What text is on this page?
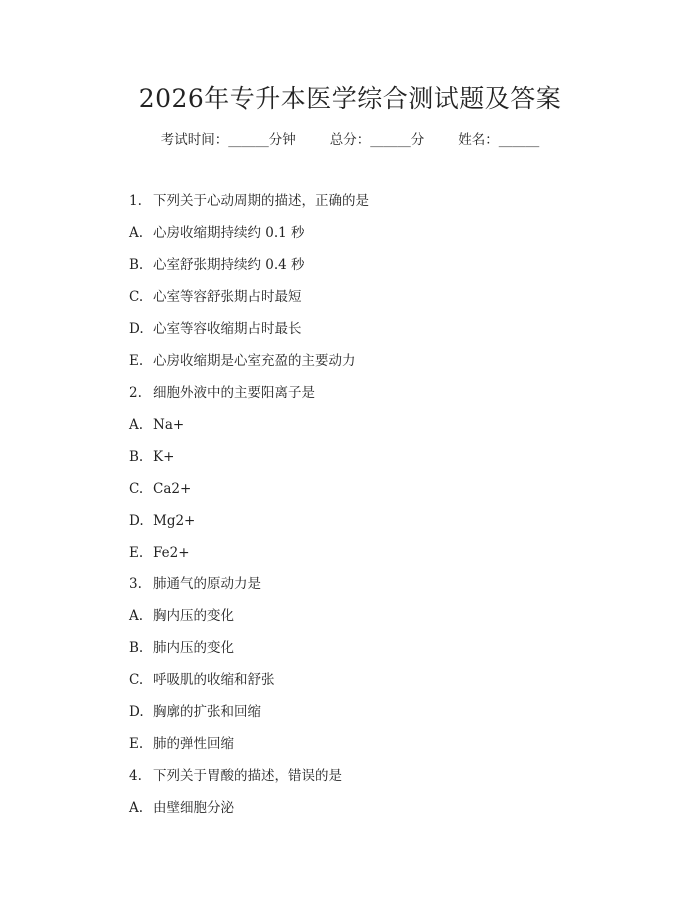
2026年专升本医学综合测试题及答案
考试时间：______分钟	总分：______分	姓名：______
1. 下列关于心动周期的描述，正确的是
A. 心房收缩期持续约 0.1 秒
B. 心室舒张期持续约 0.4 秒
C. 心室等容舒张期占时最短
D. 心室等容收缩期占时最长
E. 心房收缩期是心室充盈的主要动力
2. 细胞外液中的主要阳离子是
A. Na+
B. K+
C. Ca2+
D. Mg2+
E. Fe2+
3. 肺通气的原动力是
A. 胸内压的变化
B. 肺内压的变化
C. 呼吸肌的收缩和舒张
D. 胸廓的扩张和回缩
E. 肺的弹性回缩
4. 下列关于胃酸的描述，错误的是
A. 由壁细胞分泌
